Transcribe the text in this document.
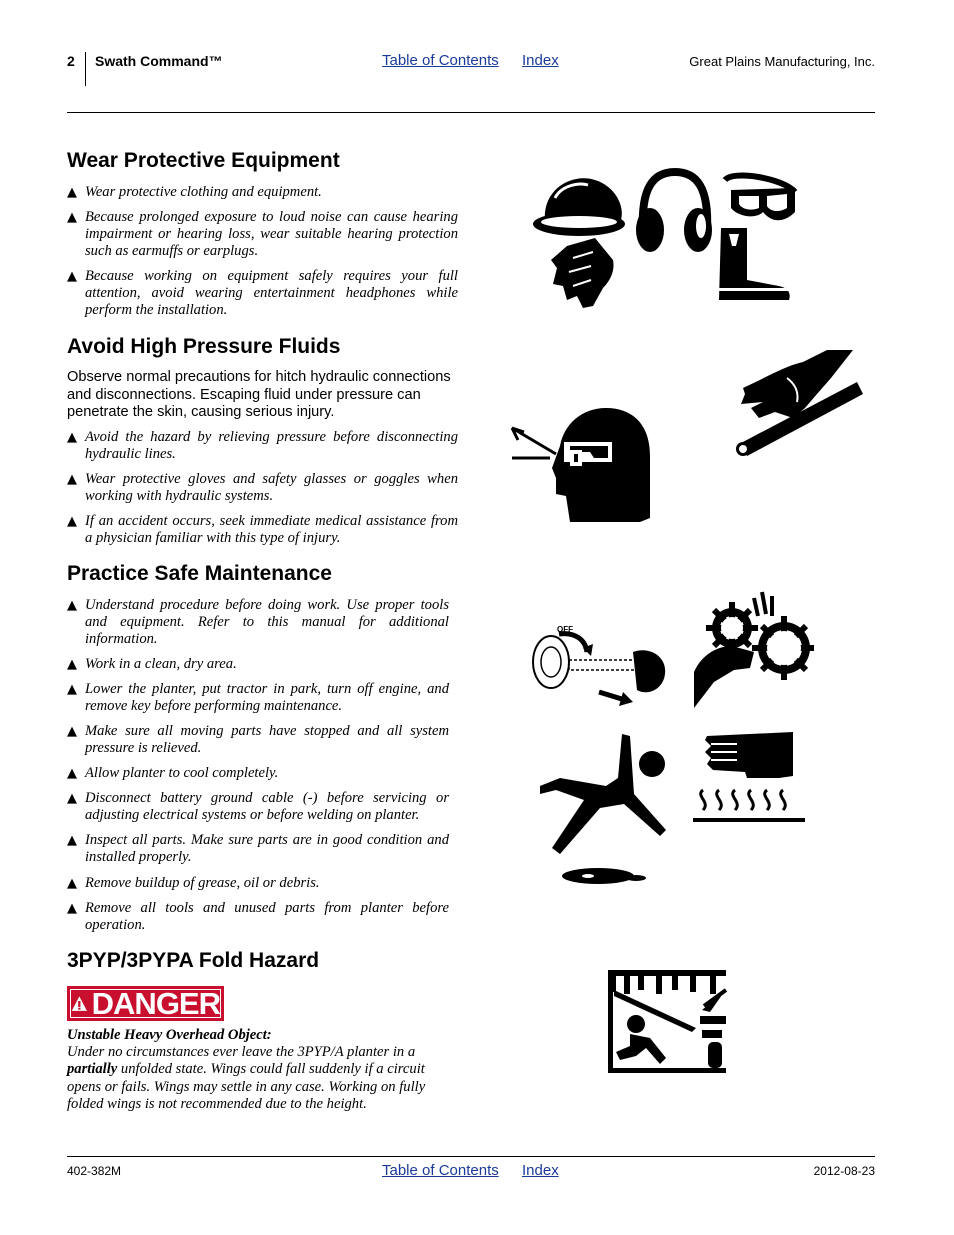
2 Swath Command™	Table of Contents Index	Great Plains Manufacturing, Inc.
Wear Protective Equipment
▲ Wear protective clothing and equipment.
▲ Because prolonged exposure to loud noise can cause hearing impairment or hearing loss, wear suitable hearing protection such as earmuffs or earplugs.
▲ Because working on equipment safely requires your full attention, avoid wearing entertainment headphones while perform the installation.
Avoid High Pressure Fluids
Observe normal precautions for hitch hydraulic connections and disconnections. Escaping fluid under pressure can penetrate the skin, causing serious injury.
▲ Avoid the hazard by relieving pressure before disconnecting hydraulic lines.
▲ Wear protective gloves and safety glasses or goggles when working with hydraulic systems.
▲ If an accident occurs, seek immediate medical assistance from a physician familiar with this type of injury.
Practice Safe Maintenance
▲ Understand procedure before doing work. Use proper tools and equipment. Refer to this manual for additional information.
▲ Work in a clean, dry area.
▲ Lower the planter, put tractor in park, turn off engine, and remove key before performing maintenance.
▲ Make sure all moving parts have stopped and all system pressure is relieved.
▲ Allow planter to cool completely.
▲ Disconnect battery ground cable (-) before servicing or adjusting electrical systems or before welding on planter.
▲ Inspect all parts. Make sure parts are in good condition and installed properly.
▲ Remove buildup of grease, oil or debris.
▲ Remove all tools and unused parts from planter before operation.
3PYP/3PYPA Fold Hazard
DANGER
Unstable Heavy Overhead Object:
Under no circumstances ever leave the 3PYP/A planter in a partially unfolded state. Wings could fall suddenly if a circuit opens or fails. Wings may settle in any case. Working on fully folded wings is not recommended due to the height.
OFF
402-382M	Table of Contents Index	2012-08-23
